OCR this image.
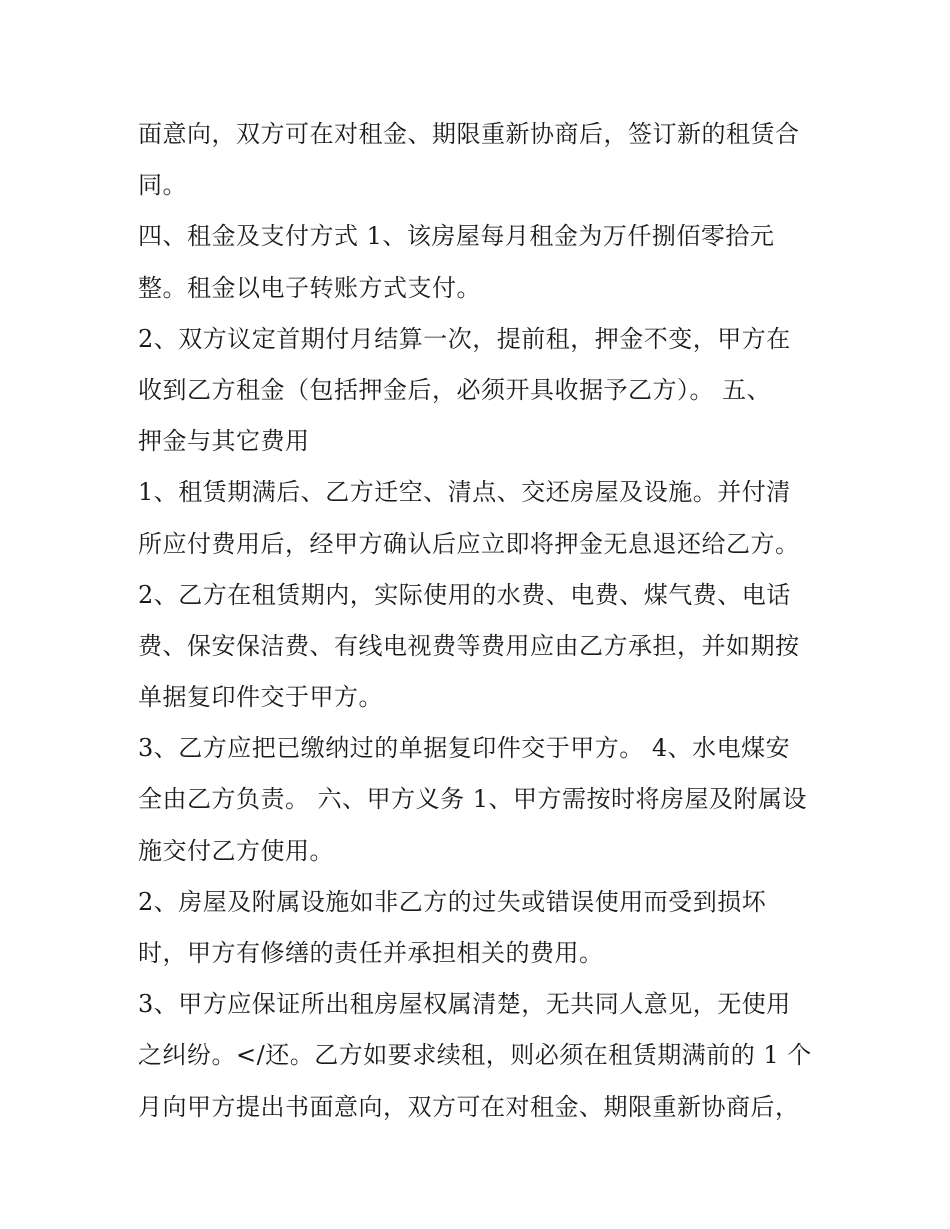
面意向，双方可在对租金、期限重新协商后，签订新的租赁合
同。
四、租金及支付方式 1、该房屋每月租金为万仟捌佰零拾元
整。租金以电子转账方式支付。
2、双方议定首期付月结算一次，提前租，押金不变，甲方在
收到乙方租金（包括押金后，必须开具收据予乙方）。 五、
押金与其它费用
1、租赁期满后、乙方迁空、清点、交还房屋及设施。并付清
所应付费用后，经甲方确认后应立即将押金无息退还给乙方。
2、乙方在租赁期内，实际使用的水费、电费、煤气费、电话
费、保安保洁费、有线电视费等费用应由乙方承担，并如期按
单据复印件交于甲方。
3、乙方应把已缴纳过的单据复印件交于甲方。 4、水电煤安
全由乙方负责。 六、甲方义务 1、甲方需按时将房屋及附属设
施交付乙方使用。
2、房屋及附属设施如非乙方的过失或错误使用而受到损坏
时，甲方有修缮的责任并承担相关的费用。
3、甲方应保证所出租房屋权属清楚，无共同人意见，无使用
之纠纷。</还。乙方如要求续租，则必须在租赁期满前的 1 个
月向甲方提出书面意向，双方可在对租金、期限重新协商后，
